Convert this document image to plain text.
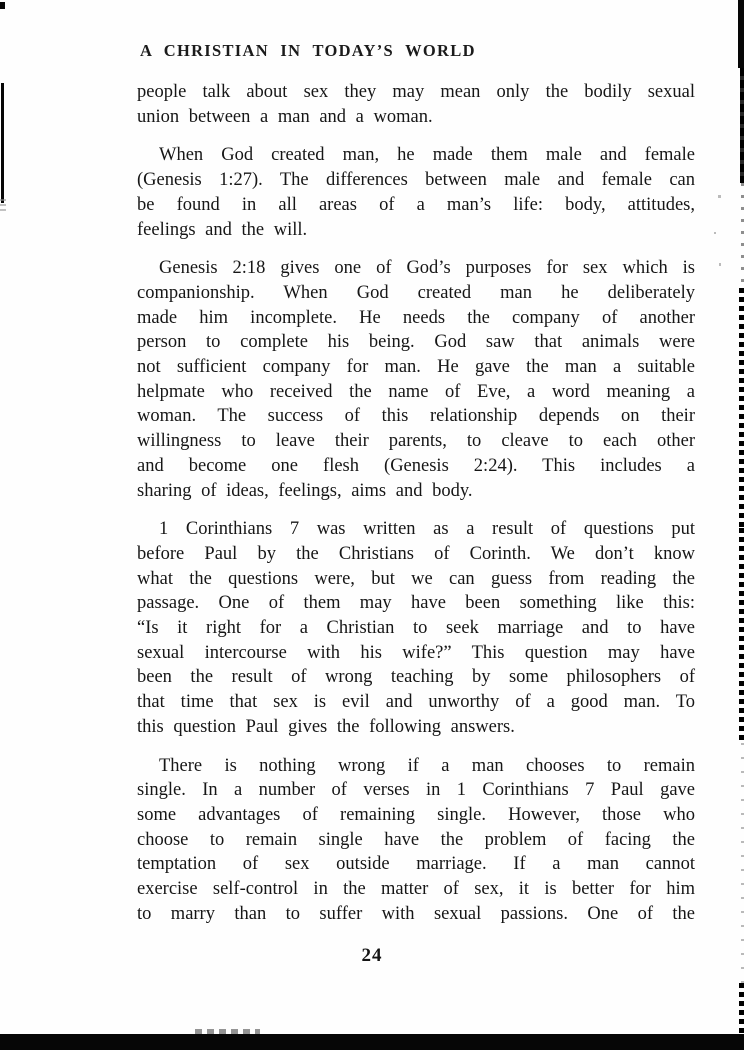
A CHRISTIAN IN TODAY’S WORLD
people talk about sex they may mean only the bodily sexual
union between a man and a woman.
When God created man, he made them male and female
(Genesis 1:27). The differences between male and female can
be found in all areas of a man’s life: body, attitudes,
feelings and the will.
Genesis 2:18 gives one of God’s purposes for sex which is
companionship. When God created man he deliberately
made him incomplete. He needs the company of another
person to complete his being. God saw that animals were
not sufficient company for man. He gave the man a suitable
helpmate who received the name of Eve, a word meaning a
woman. The success of this relationship depends on their
willingness to leave their parents, to cleave to each other
and become one flesh (Genesis 2:24). This includes a
sharing of ideas, feelings, aims and body.
1 Corinthians 7 was written as a result of questions put
before Paul by the Christians of Corinth. We don’t know
what the questions were, but we can guess from reading the
passage. One of them may have been something like this:
“Is it right for a Christian to seek marriage and to have
sexual intercourse with his wife?” This question may have
been the result of wrong teaching by some philosophers of
that time that sex is evil and unworthy of a good man. To
this question Paul gives the following answers.
There is nothing wrong if a man chooses to remain
single. In a number of verses in 1 Corinthians 7 Paul gave
some advantages of remaining single. However, those who
choose to remain single have the problem of facing the
temptation of sex outside marriage. If a man cannot
exercise self-control in the matter of sex, it is better for him
to marry than to suffer with sexual passions. One of the
24
